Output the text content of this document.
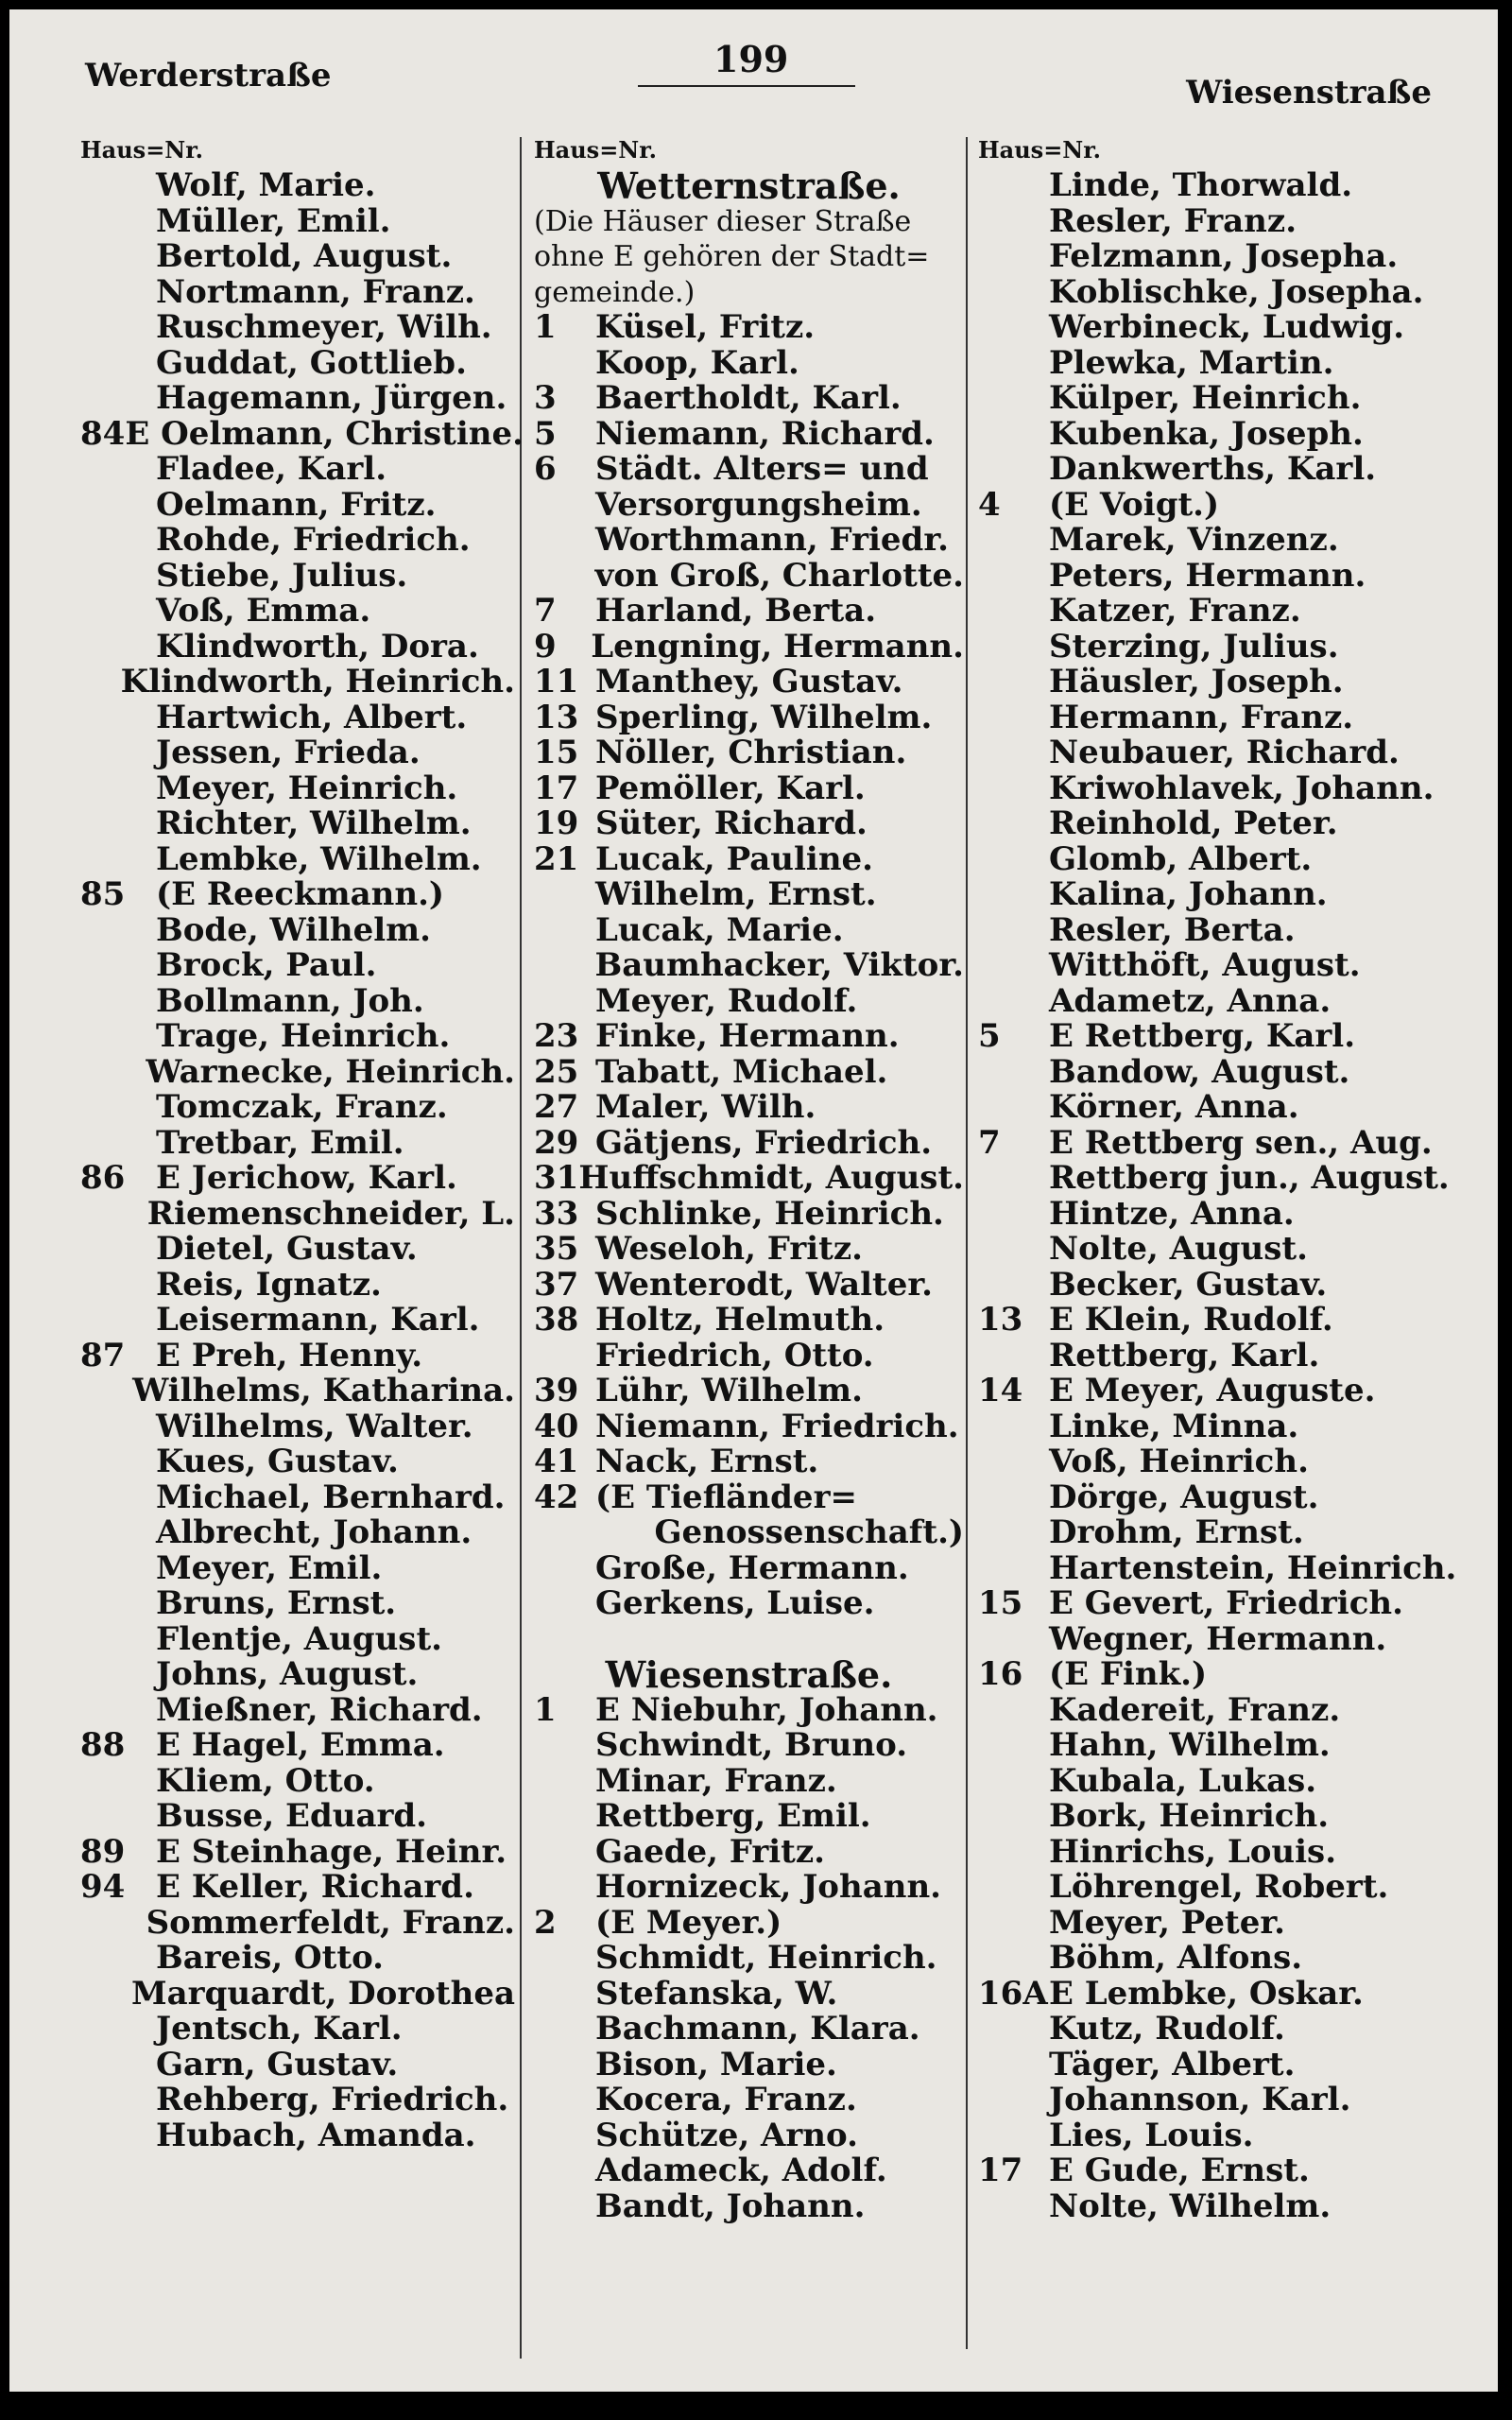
Werderstraße	199
Wiesenstraße
Haus=Nr.
Wolf, Marie.
Müller, Emil.
Bertold, August.
Nortmann, Franz.
Ruschmeyer, Wilh.
Guddat, Gottlieb.
Hagemann, Jürgen.
84 E Oelmann, Christine.
Fladee, Karl.
Oelmann, Fritz.
Rohde, Friedrich.
Stiebe, Julius.
Voß, Emma.
Klindworth, Dora.
Klindworth, Heinrich.
Hartwich, Albert.
Jessen, Frieda.
Meyer, Heinrich.
Richter, Wilhelm.
Lembke, Wilhelm.
85 (E Reeckmann.)
Bode, Wilhelm.
Brock, Paul.
Bollmann, Joh.
Trage, Heinrich.
Warnecke, Heinrich.
Tomczak, Franz.
Tretbar, Emil.
86 E Jerichow, Karl.
Riemenschneider, L.
Dietel, Gustav.
Reis, Ignatz.
Leisermann, Karl.
87 E Preh, Henny.
Wilhelms, Katharina.
Wilhelms, Walter.
Kues, Gustav.
Michael, Bernhard.
Albrecht, Johann.
Meyer, Emil.
Bruns, Ernst.
Flentje, August.
Johns, August.
Mießner, Richard.
88 E Hagel, Emma.
Kliem, Otto.
Busse, Eduard.
89 E Steinhage, Heinr.
94 E Keller, Richard.
Sommerfeldt, Franz.
Bareis, Otto.
Marquardt, Dorothea
Jentsch, Karl.
Garn, Gustav.
Rehberg, Friedrich.
Hubach, Amanda.
Haus=Nr.
Wetternstraße.
(Die Häuser dieser Straße
ohne E gehören der Stadt=
gemeinde.)
1	Küsel, Fritz.
Koop, Karl.
3	Baertholdt, Karl.
5	Niemann, Richard.
6	Städt. Alters= und
Versorgungsheim.
Worthmann, Friedr.
von Groß, Charlotte.
7	Harland, Berta.
9	Lengning, Hermann.
11 Manthey, Gustav.
13 Sperling, Wilhelm.
15 Nöller, Christian.
17 Pemöller, Karl.
19 Süter, Richard.
21 Lucak, Pauline.
Wilhelm, Ernst.
Lucak, Marie.
Baumhacker, Viktor.
Meyer, Rudolf.
23 Finke, Hermann.
25 Tabatt, Michael.
27 Maler, Wilh.
29 Gätjens, Friedrich.
31 Huffschmidt, August.
33 Schlinke, Heinrich.
35 Weseloh, Fritz.
37 Wenterodt, Walter.
38 Holtz, Helmuth.
Friedrich, Otto.
39 Lühr, Wilhelm.
40 Niemann, Friedrich.
41 Nack, Ernst.
42 (E Tiefländer=
Genossenschaft.)
Große, Hermann.
Gerkens, Luise.
Wiesenstraße.
1	E Niebuhr, Johann.
Schwindt, Bruno.
Minar, Franz.
Rettberg, Emil.
Gaede, Fritz.
Hornizeck, Johann.
2	(E Meyer.)
Schmidt, Heinrich.
Stefanska, W.
Bachmann, Klara.
Bison, Marie.
Kocera, Franz.
Schütze, Arno.
Adameck, Adolf.
Bandt, Johann.
Haus=Nr.
Linde, Thorwald.
Resler, Franz.
Felzmann, Josepha.
Koblischke, Josepha.
Werbineck, Ludwig.
Plewka, Martin.
Külper, Heinrich.
Kubenka, Joseph.
Dankwerths, Karl.
4	(E Voigt.)
Marek, Vinzenz.
Peters, Hermann.
Katzer, Franz.
Sterzing, Julius.
Häusler, Joseph.
Hermann, Franz.
Neubauer, Richard.
Kriwohlavek, Johann.
Reinhold, Peter.
Glomb, Albert.
Kalina, Johann.
Resler, Berta.
Witthöft, August.
Adametz, Anna.
5	E Rettberg, Karl.
Bandow, August.
Körner, Anna.
7	E Rettberg sen., Aug.
Rettberg jun., August.
Hintze, Anna.
Nolte, August.
Becker, Gustav.
13 E Klein, Rudolf.
Rettberg, Karl.
14 E Meyer, Auguste.
Linke, Minna.
Voß, Heinrich.
Dörge, August.
Drohm, Ernst.
Hartenstein, Heinrich.
15 E Gevert, Friedrich.
Wegner, Hermann.
16 (E Fink.)
Kadereit, Franz.
Hahn, Wilhelm.
Kubala, Lukas.
Bork, Heinrich.
Hinrichs, Louis.
Löhrengel, Robert.
Meyer, Peter.
Böhm, Alfons.
16A E Lembke, Oskar.
Kutz, Rudolf.
Täger, Albert.
Johannson, Karl.
Lies, Louis.
17 E Gude, Ernst.
Nolte, Wilhelm.
